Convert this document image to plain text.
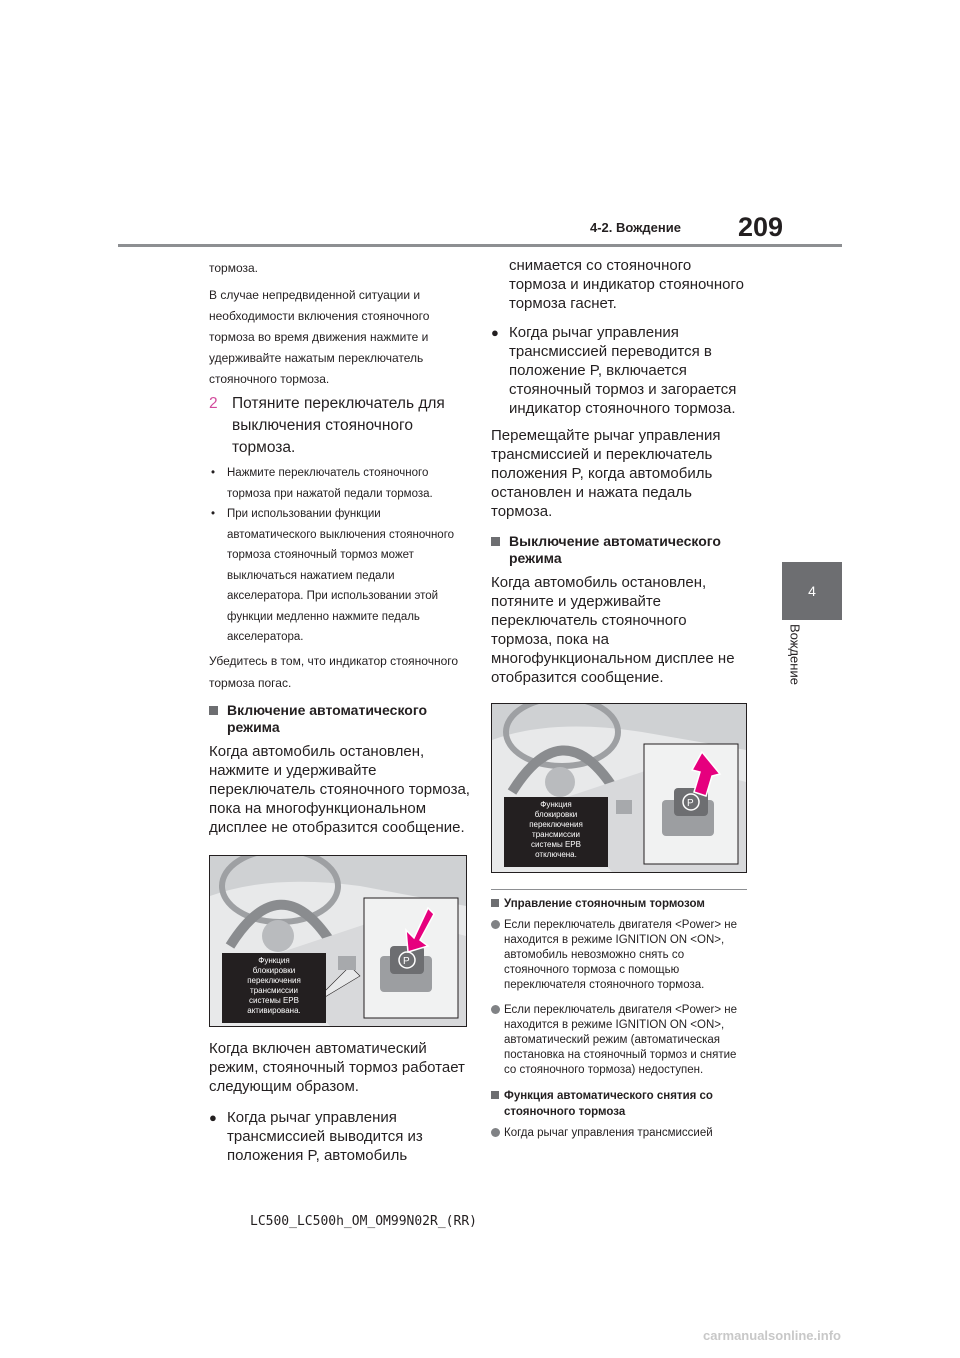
209
4-2. Вождение
4
Вождение

тормоза.

В случае непредвиденной ситуации и необходимости включения стояночного тормоза во время движения нажмите и удерживайте нажатым переключатель стояночного тормоза.

2 Потяните переключатель для выключения стояночного тормоза.
•	Нажмите переключатель стояночного тормоза при нажатой педали тормоза.
•	При использовании функции автоматического выключения стояночного тормоза стояночный тормоз может выключаться нажатием педали акселератора. При использовании этой функции медленно нажмите педаль акселератора.

Убедитесь в том, что индикатор стояночного тормоза погас.

Включение автоматического режима

Когда автомобиль остановлен, нажмите и удерживайте переключатель стояночного тормоза, пока на многофункциональном дисплее не отобразится сообщение.

P
Функция
блокировки
переключения
трансмиссии
системы EPB
активирована.

Когда включен автоматический режим, стояночный тормоз работает следующим образом.

● Когда рычаг управления трансмиссией выводится из положения P, автомобиль
снимается со стояночного тормоза и индикатор стояночного тормоза гаснет.
● Когда рычаг управления трансмиссией переводится в положение P, включается стояночный тормоз и загорается индикатор стояночного тормоза.

Перемещайте рычаг управления трансмиссией и переключатель положения P, когда автомобиль остановлен и нажата педаль тормоза.

Выключение автоматического режима

Когда автомобиль остановлен, потяните и удерживайте переключатель стояночного тормоза, пока на многофункциональном дисплее не отобразится сообщение.

P
Функция
блокировки
переключения
трансмиссии
системы EPB
отключена.
Управление стояночным тормозом
Если переключатель двигателя <Power> не находится в режиме IGNITION ON <ON>, автомобиль невозможно снять со стояночного тормоза с помощью переключателя стояночного тормоза.
Если переключатель двигателя <Power> не находится в режиме IGNITION ON <ON>, автоматический режим (автоматическая постановка на стояночный тормоз и снятие со стояночного тормоза) недоступен.
Функция автоматического снятия со стояночного тормоза
Когда рычаг управления трансмиссией
LC500_LC500h_OM_OM99N02R_(RR)
carmanualsonline.info
